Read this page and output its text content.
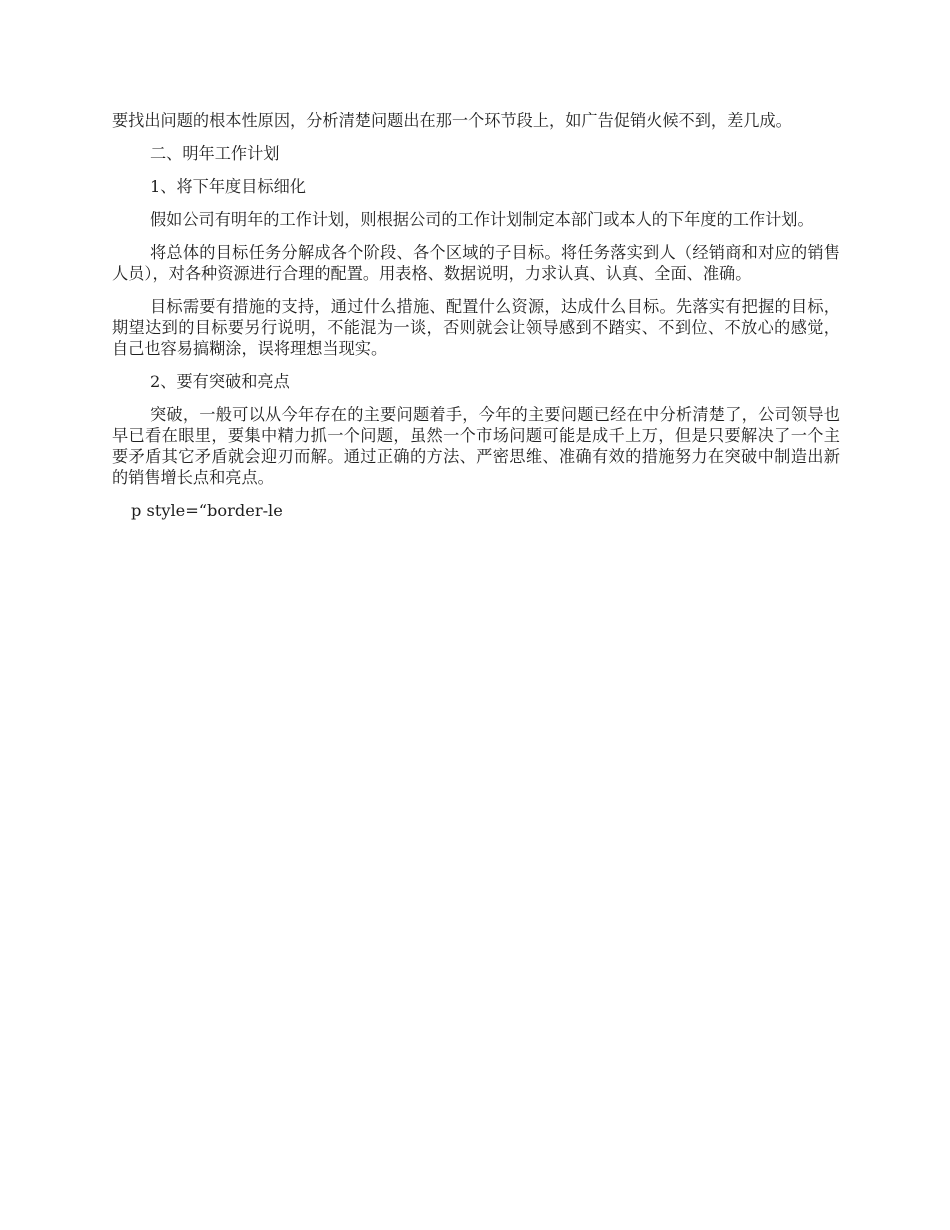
要找出问题的根本性原因，分析清楚问题出在那一个环节段上，如广告促销火候不到，差几成。

二、明年工作计划

1、将下年度目标细化

假如公司有明年的工作计划，则根据公司的工作计划制定本部门或本人的下年度的工作计划。

将总体的目标任务分解成各个阶段、各个区域的子目标。将任务落实到人（经销商和对应的销售人员），对各种资源进行合理的配置。用表格、数据说明，力求认真、认真、全面、准确。

目标需要有措施的支持，通过什么措施、配置什么资源，达成什么目标。先落实有把握的目标，期望达到的目标要另行说明，不能混为一谈，否则就会让领导感到不踏实、不到位、不放心的感觉，自己也容易搞糊涂，误将理想当现实。

2、要有突破和亮点

突破，一般可以从今年存在的主要问题着手，今年的主要问题已经在中分析清楚了，公司领导也早已看在眼里，要集中精力抓一个问题，虽然一个市场问题可能是成千上万，但是只要解决了一个主要矛盾其它矛盾就会迎刃而解。通过正确的方法、严密思维、准确有效的措施努力在突破中制造出新的销售增长点和亮点。

p style=“border-le
